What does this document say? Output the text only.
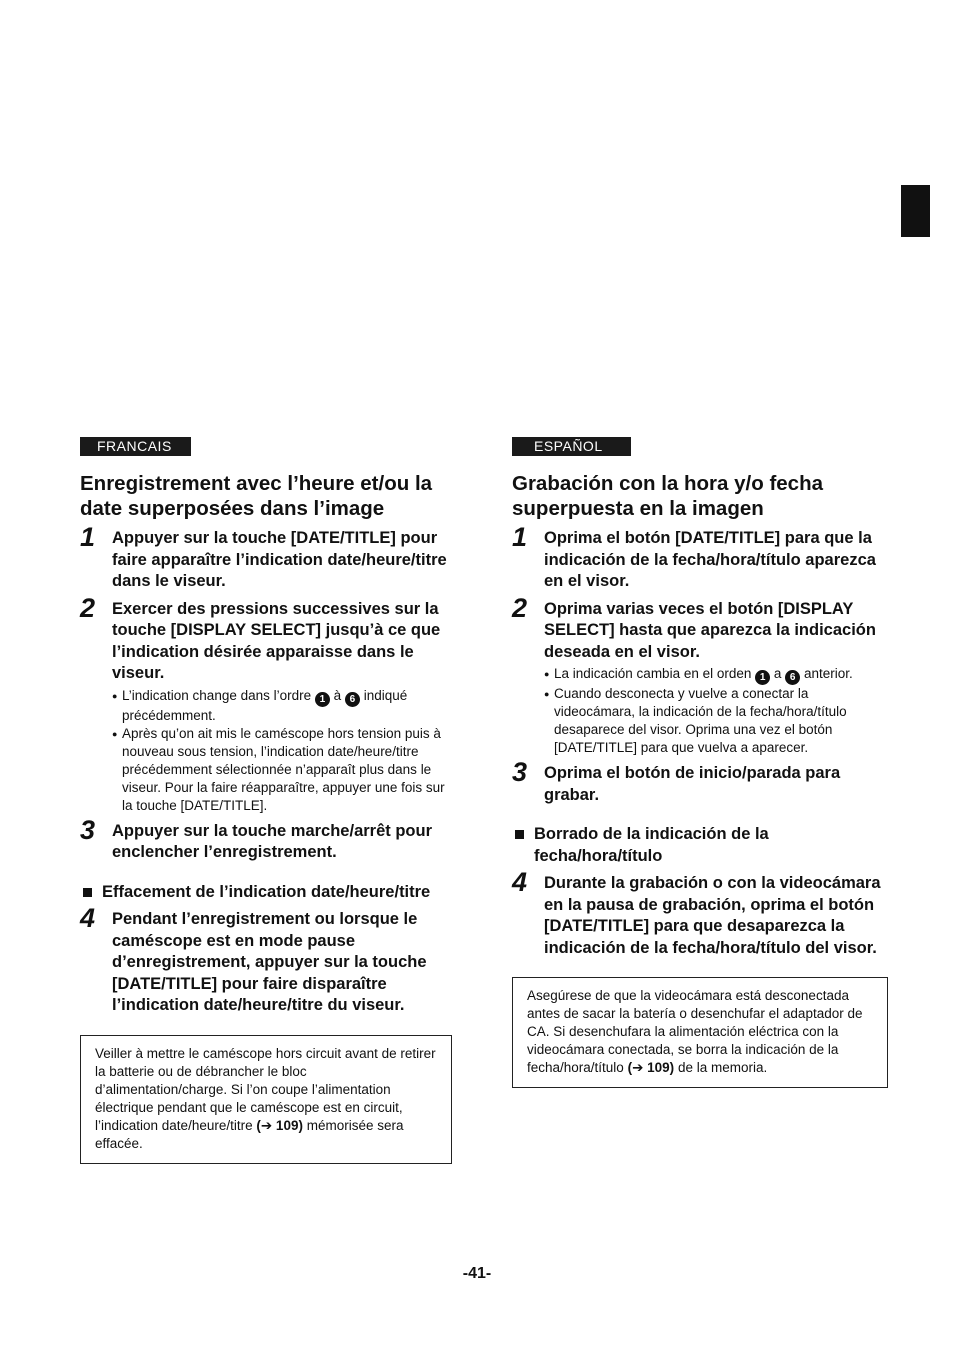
FRANCAIS
Enregistrement avec l’heure et/ou la date superposées dans l’image
1 Appuyer sur la touche [DATE/TITLE] pour faire apparaître l’indication date/heure/titre dans le viseur.
2 Exercer des pressions successives sur la touche [DISPLAY SELECT] jusqu’à ce que l’indication désirée apparaisse dans le viseur.
● L’indication change dans l’ordre 1 à 6 indiqué précédemment.
● Après qu’on ait mis le caméscope hors tension puis à nouveau sous tension, l’indication date/heure/titre précédemment sélectionnée n’apparaît plus dans le viseur. Pour la faire réapparaître, appuyer une fois sur la touche [DATE/TITLE].
3 Appuyer sur la touche marche/arrêt pour enclencher l’enregistrement.
Effacement de l’indication date/heure/titre
4 Pendant l’enregistrement ou lorsque le caméscope est en mode pause d’enregistrement, appuyer sur la touche [DATE/TITLE] pour faire disparaître l’indication date/heure/titre du viseur.
Veiller à mettre le caméscope hors circuit avant de retirer la batterie ou de débrancher le bloc d’alimentation/charge. Si l’on coupe l’alimentation électrique pendant que le caméscope est en circuit, l’indication date/heure/titre (➔ 109) mémorisée sera effacée.
ESPAÑOL
Grabación con la hora y/o fecha superpuesta en la imagen
1 Oprima el botón [DATE/TITLE] para que la indicación de la fecha/hora/título aparezca en el visor.
2 Oprima varias veces el botón [DISPLAY SELECT] hasta que aparezca la indicación deseada en el visor.
● La indicación cambia en el orden 1 a 6 anterior.
● Cuando desconecta y vuelve a conectar la videocámara, la indicación de la fecha/hora/título desaparece del visor. Oprima una vez el botón [DATE/TITLE] para que vuelva a aparecer.
3 Oprima el botón de inicio/parada para grabar.
Borrado de la indicación de la fecha/hora/título
4 Durante la grabación o con la videocámara en la pausa de grabación, oprima el botón [DATE/TITLE] para que desaparezca la indicación de la fecha/hora/título del visor.
Asegúrese de que la videocámara está desconectada antes de sacar la batería o desenchufar el adaptador de CA. Si desenchufara la alimentación eléctrica con la videocámara conectada, se borra la indicación de la fecha/hora/título (➔ 109) de la memoria.
-41-
